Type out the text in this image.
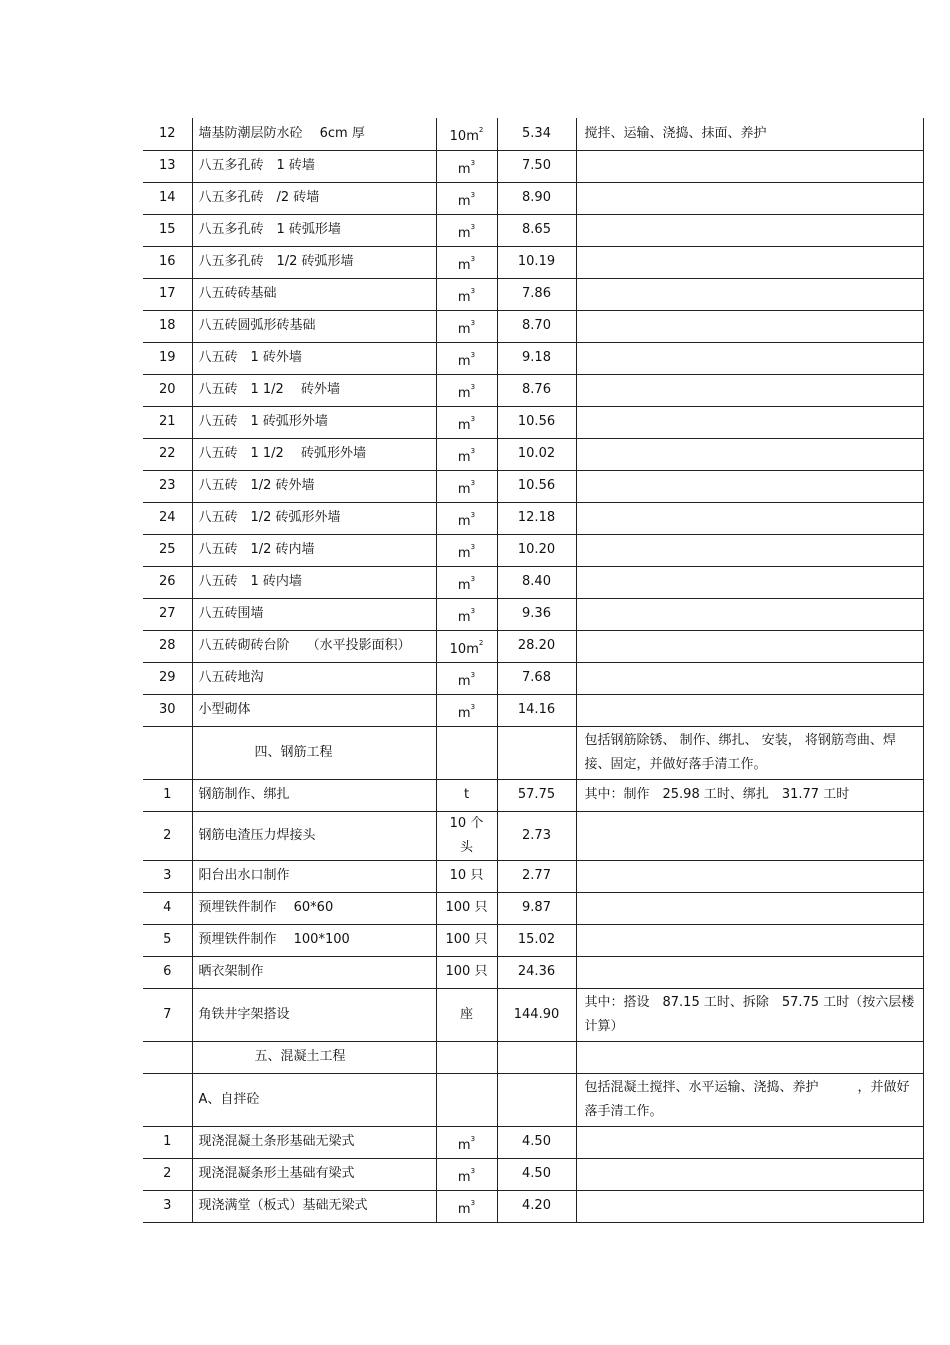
12	墙基防潮层防水砼　 6cm 厚	$10m^2$	5.34	搅拌、运输、浇捣、抹面、养护
13	八五多孔砖　1 砖墙	$m^3$	7.50	
14	八五多孔砖　/2 砖墙	$m^3$	8.90	
15	八五多孔砖　1 砖弧形墙	$m^3$	8.65	
16	八五多孔砖　1/2 砖弧形墙	$m^3$	10.19	
17	八五砖砖基础	$m^3$	7.86	
18	八五砖圆弧形砖基础	$m^3$	8.70	
19	八五砖　1 砖外墙	$m^3$	9.18	
20	八五砖　1 1/2　 砖外墙	$m^3$	8.76	
21	八五砖　1 砖弧形外墙	$m^3$	10.56	
22	八五砖　1 1/2　 砖弧形外墙	$m^3$	10.02	
23	八五砖　1/2 砖外墙	$m^3$	10.56	
24	八五砖　1/2 砖弧形外墙	$m^3$	12.18	
25	八五砖　1/2 砖内墙	$m^3$	10.20	
26	八五砖　1 砖内墙	$m^3$	8.40	
27	八五砖围墙	$m^3$	9.36	
28	八五砖砌砖台阶　 （水平投影面积）	$10m^2$	28.20	
29	八五砖地沟	$m^3$	7.68	
30	小型砌体	$m^3$	14.16	
	四、钢筋工程			包括钢筋除锈、 制作、绑扎、 安装， 将钢筋弯曲、焊接、固定，并做好落手清工作。
1	钢筋制作、绑扎	t	57.75	其中：制作　25.98 工时、绑扎　31.77 工时
2	钢筋电渣压力焊接头	10 个头	2.73	
3	阳台出水口制作	10 只	2.77	
4	预埋铁件制作　 60*60	100 只	9.87	
5	预埋铁件制作　 100*100	100 只	15.02	
6	晒衣架制作	100 只	24.36	
7	角铁井字架搭设	座	144.90	其中：搭设　87.15 工时、拆除　57.75 工时（按六层楼计算）
	五、混凝土工程			
	A、自拌砼			包括混凝土搅拌、水平运输、浇捣、养护　　　，并做好落手清工作。
1	现浇混凝土条形基础无梁式	$m^3$	4.50	
2	现浇混凝条形土基础有梁式	$m^3$	4.50	
3	现浇满堂（板式）基础无梁式	$m^3$	4.20	
